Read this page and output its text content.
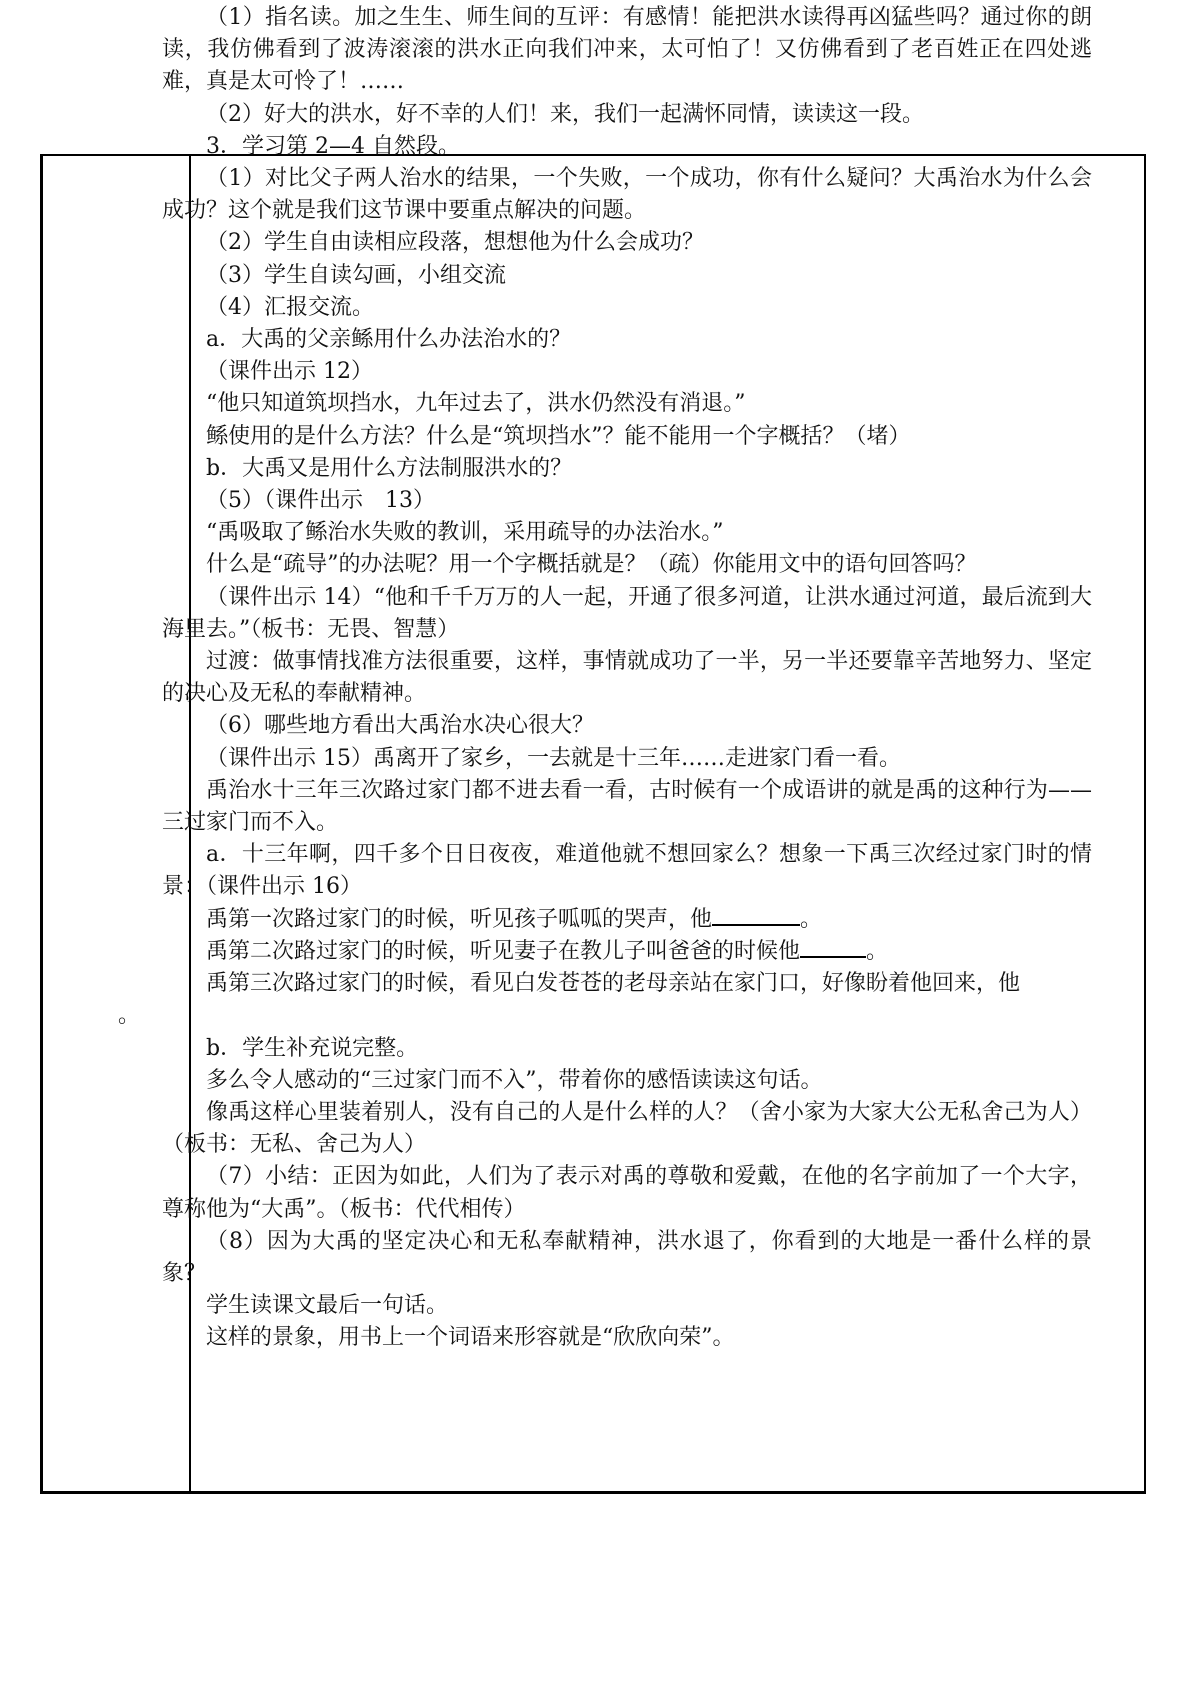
（1）指名读。加之生生、师生间的互评：有感情！能把洪水读得再凶猛些吗？通过你的朗读，我仿佛看到了波涛滚滚的洪水正向我们冲来，太可怕了！又仿佛看到了老百姓正在四处逃难，真是太可怜了！……

（2）好大的洪水，好不幸的人们！来，我们一起满怀同情，读读这一段。

3．学习第 2—4 自然段。

（1）对比父子两人治水的结果，一个失败，一个成功，你有什么疑问？大禹治水为什么会成功？这个就是我们这节课中要重点解决的问题。

（2）学生自由读相应段落，想想他为什么会成功？

（3）学生自读勾画，小组交流

（4）汇报交流。

a．大禹的父亲鲧用什么办法治水的？

（课件出示 12）

“他只知道筑坝挡水，九年过去了，洪水仍然没有消退。”

鲧使用的是什么方法？什么是“筑坝挡水”？能不能用一个字概括？（堵）

b．大禹又是用什么方法制服洪水的？

（5）（课件出示　13）

“禹吸取了鲧治水失败的教训，采用疏导的办法治水。”

什么是“疏导”的办法呢？用一个字概括就是？（疏）你能用文中的语句回答吗？

（课件出示 14）“他和千千万万的人一起，开通了很多河道，让洪水通过河道，最后流到大海里去。”（板书：无畏、智慧）

过渡：做事情找准方法很重要，这样，事情就成功了一半，另一半还要靠辛苦地努力、坚定的决心及无私的奉献精神。

（6）哪些地方看出大禹治水决心很大？

（课件出示 15）禹离开了家乡，一去就是十三年……走进家门看一看。

禹治水十三年三次路过家门都不进去看一看，古时候有一个成语讲的就是禹的这种行为——三过家门而不入。

a．十三年啊，四千多个日日夜夜，难道他就不想回家么？想象一下禹三次经过家门时的情景：（课件出示 16）

禹第一次路过家门的时候，听见孩子呱呱的哭声，他	。

禹第二次路过家门的时候，听见妻子在教儿子叫爸爸的时候他	。

禹第三次路过家门的时候，看见白发苍苍的老母亲站在家门口，好像盼着他回来，他
。

b．学生补充说完整。

多么令人感动的“三过家门而不入”，带着你的感悟读读这句话。

像禹这样心里装着别人，没有自己的人是什么样的人？（舍小家为大家大公无私舍己为人）（板书：无私、舍己为人）

（7）小结：正因为如此，人们为了表示对禹的尊敬和爱戴，在他的名字前加了一个大字，尊称他为“大禹”。（板书：代代相传）

（8）因为大禹的坚定决心和无私奉献精神，洪水退了，你看到的大地是一番什么样的景象？

学生读课文最后一句话。

这样的景象，用书上一个词语来形容就是“欣欣向荣”。
